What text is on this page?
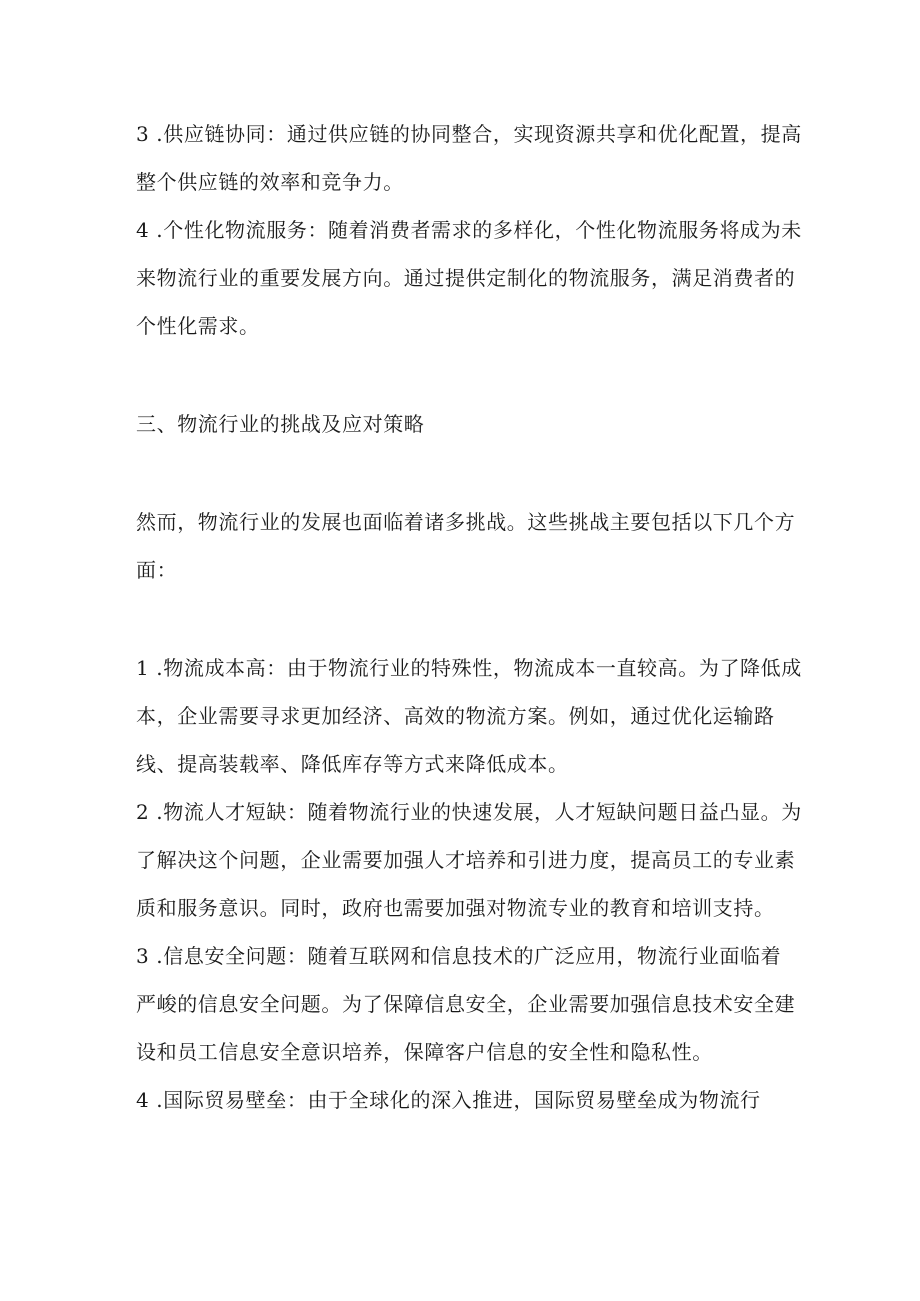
3 .供应链协同：通过供应链的协同整合，实现资源共享和优化配置，提高
整个供应链的效率和竞争力。
4 .个性化物流服务：随着消费者需求的多样化，个性化物流服务将成为未
来物流行业的重要发展方向。通过提供定制化的物流服务，满足消费者的
个性化需求。
三、物流行业的挑战及应对策略
然而，物流行业的发展也面临着诸多挑战。这些挑战主要包括以下几个方
面：
1 .物流成本高：由于物流行业的特殊性，物流成本一直较高。为了降低成
本，企业需要寻求更加经济、高效的物流方案。例如，通过优化运输路
线、提高装载率、降低库存等方式来降低成本。
2 .物流人才短缺：随着物流行业的快速发展，人才短缺问题日益凸显。为
了解决这个问题，企业需要加强人才培养和引进力度，提高员工的专业素
质和服务意识。同时，政府也需要加强对物流专业的教育和培训支持。
3 .信息安全问题：随着互联网和信息技术的广泛应用，物流行业面临着
严峻的信息安全问题。为了保障信息安全，企业需要加强信息技术安全建
设和员工信息安全意识培养，保障客户信息的安全性和隐私性。
4 .国际贸易壁垒：由于全球化的深入推进，国际贸易壁垒成为物流行
